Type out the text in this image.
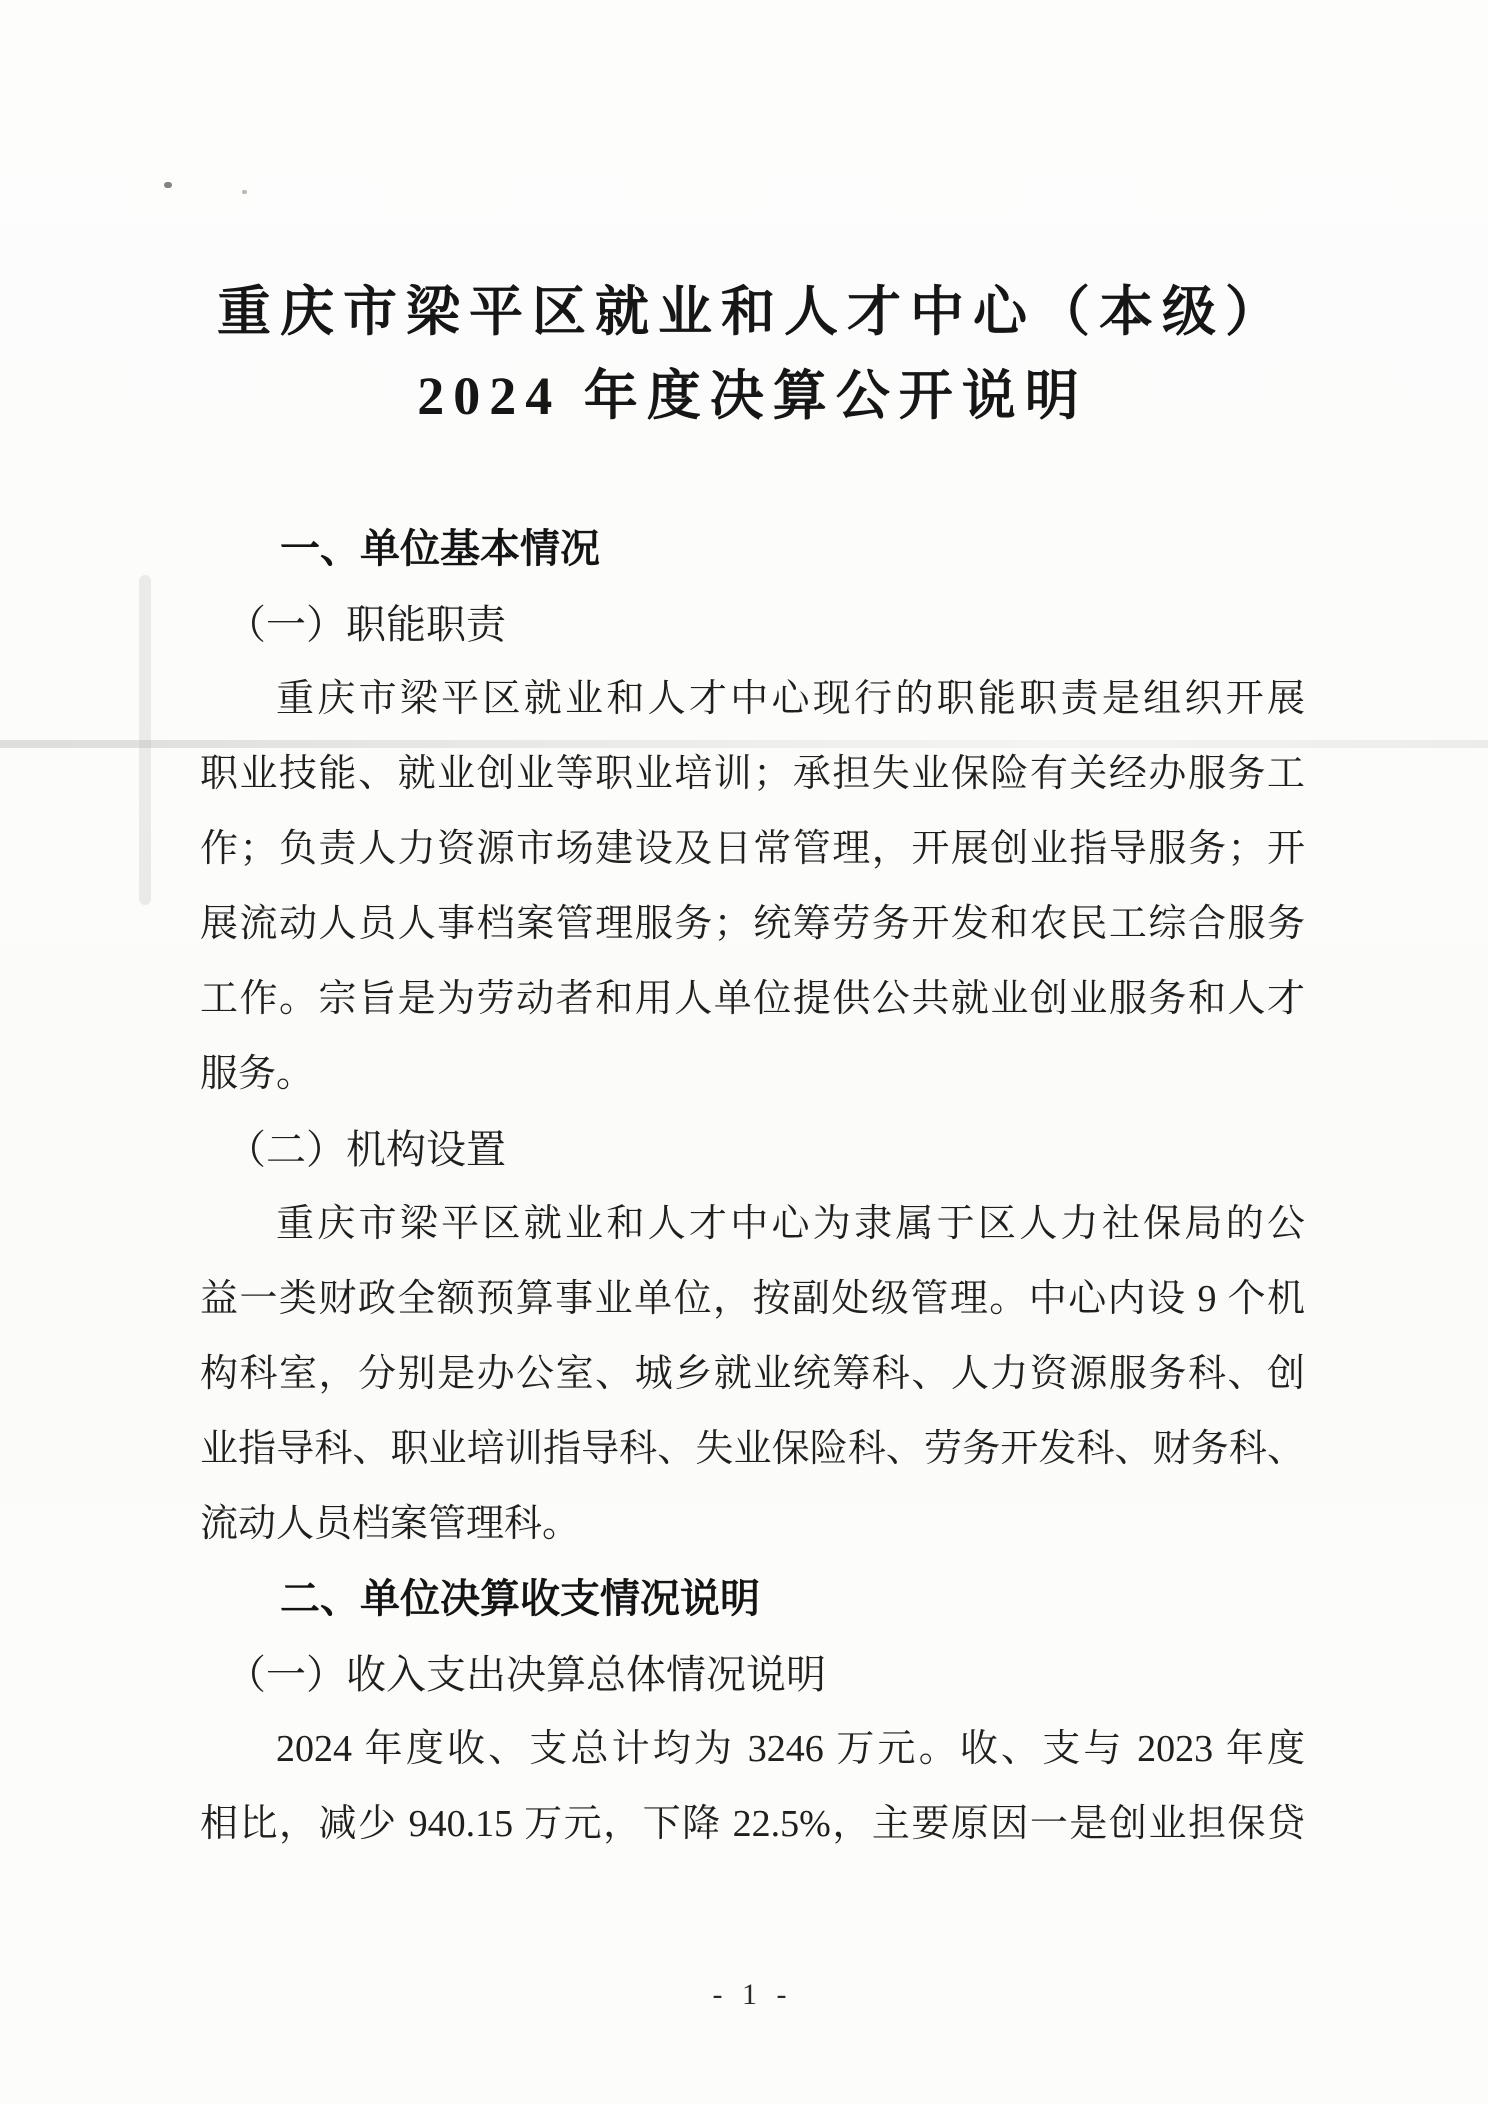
重庆市梁平区就业和人才中心（本级）
2024 年度决算公开说明
一、单位基本情况
（一）职能职责
重庆市梁平区就业和人才中心现行的职能职责是组织开展
职业技能、就业创业等职业培训；承担失业保险有关经办服务工
作；负责人力资源市场建设及日常管理，开展创业指导服务；开
展流动人员人事档案管理服务；统筹劳务开发和农民工综合服务
工作。宗旨是为劳动者和用人单位提供公共就业创业服务和人才
服务。
（二）机构设置
重庆市梁平区就业和人才中心为隶属于区人力社保局的公
益一类财政全额预算事业单位，按副处级管理。中心内设 9 个机
构科室，分别是办公室、城乡就业统筹科、人力资源服务科、创
业指导科、职业培训指导科、失业保险科、劳务开发科、财务科、
流动人员档案管理科。
二、单位决算收支情况说明
（一）收入支出决算总体情况说明
2024 年度收、支总计均为 3246 万元。收、支与 2023 年度
相比，减少 940.15 万元，下降 22.5%，主要原因一是创业担保贷
- 1 -
